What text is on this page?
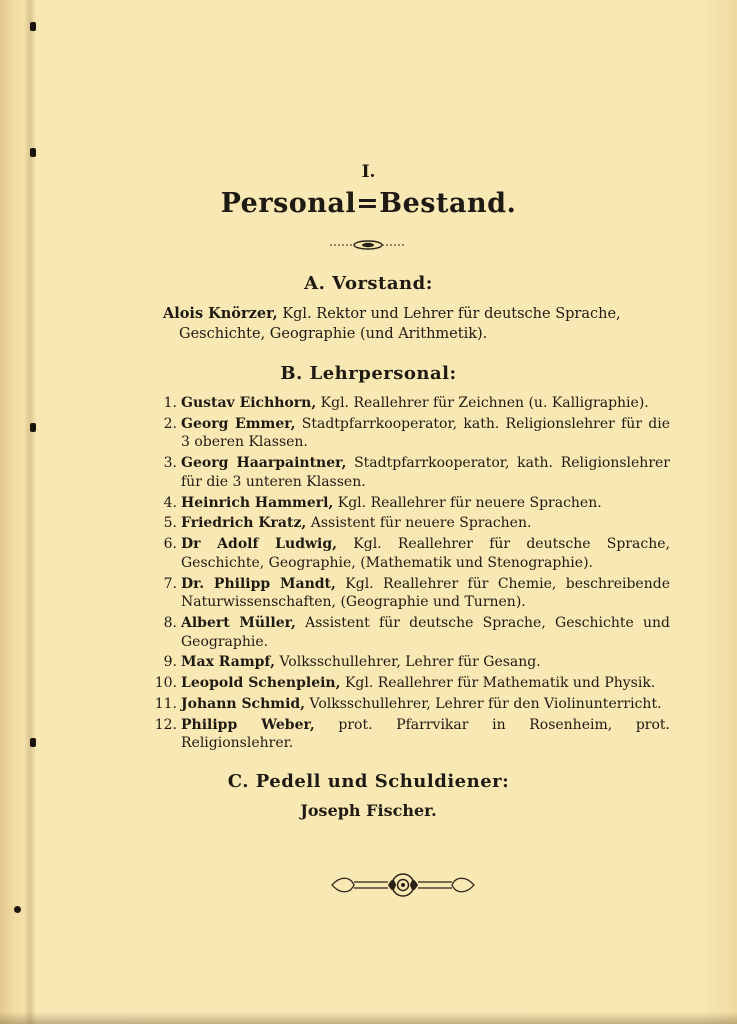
I.
Personal=Bestand.
A. Vorstand:
Alois Knörzer, Kgl. Rektor und Lehrer für deutsche Sprache,
Geschichte, Geographie (und Arithmetik).
B. Lehrpersonal:
1. Gustav Eichhorn, Kgl. Reallehrer für Zeichnen (u. Kalligraphie).
2. Georg Emmer, Stadtpfarrkooperator, kath. Religionslehrer für die 3 oberen Klassen.
3. Georg Haarpaintner, Stadtpfarrkooperator, kath. Religionslehrer für die 3 unteren Klassen.
4. Heinrich Hammerl, Kgl. Reallehrer für neuere Sprachen.
5. Friedrich Kratz, Assistent für neuere Sprachen.
6. Dr Adolf Ludwig, Kgl. Reallehrer für deutsche Sprache, Geschichte, Geographie, (Mathematik und Stenographie).
7. Dr. Philipp Mandt, Kgl. Reallehrer für Chemie, beschreibende Naturwissenschaften, (Geographie und Turnen).
8. Albert Müller, Assistent für deutsche Sprache, Geschichte und Geographie.
9. Max Rampf, Volksschullehrer, Lehrer für Gesang.
10. Leopold Schenplein, Kgl. Reallehrer für Mathematik und Physik.
11. Johann Schmid, Volksschullehrer, Lehrer für den Violinunterricht.
12. Philipp Weber, prot. Pfarrvikar in Rosenheim, prot. Religionslehrer.
C. Pedell und Schuldiener:
Joseph Fischer.
